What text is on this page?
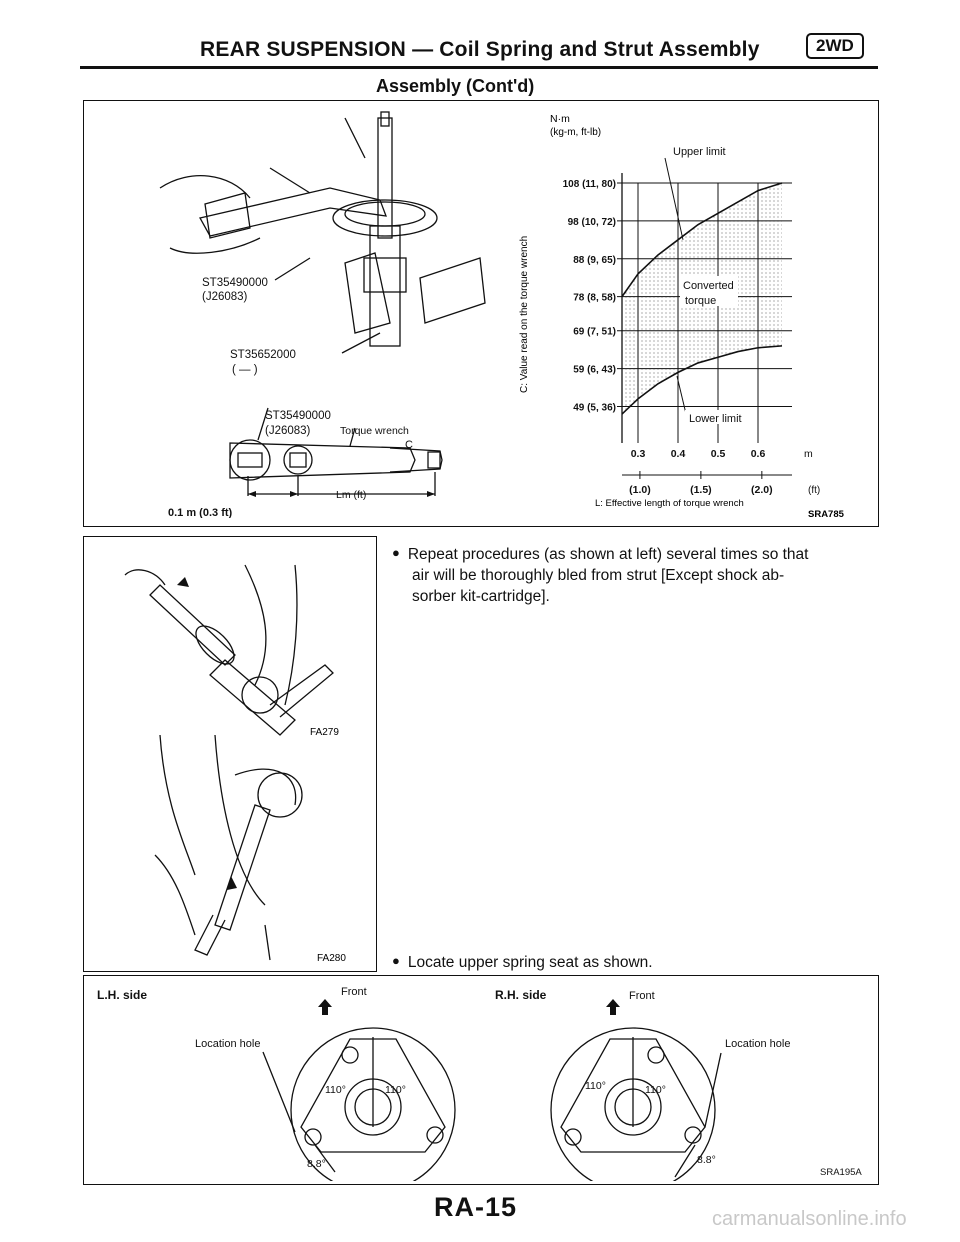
REAR SUSPENSION — Coil Spring and Strut Assembly	2WD
Assembly (Cont'd)
ST35490000
(J26083)
ST35652000
( — )
ST35490000
(J26083)	Torque wrench
C
Lm (ft)
0.1 m (0.3 ft)
N·m
(kg-m, ft-lb)
C: Value read on the torque wrench
108 (11, 80)
98 (10, 72)
88 (9, 65)
78 (8, 58)
69 (7, 51)
59 (6, 43)
49 (5, 36)
0.3 0.4 0.5 0.6	m
(1.0)	(1.5)	(2.0)	(ft)
Upper limit
Converted
torque
Lower limit
L: Effective length of torque wrench
SRA785
FA279
FA280
● Repeat procedures (as shown at left) several times so that
air will be thoroughly bled from strut [Except shock ab-
sorber kit-cartridge].
● Locate upper spring seat as shown.
L.H. side	R.H. side
Front	Front
Location hole	Location hole
110°	110°	110°	110°
8.8°	8.8°
SRA195A
RA-15	carmanualsonline.info
